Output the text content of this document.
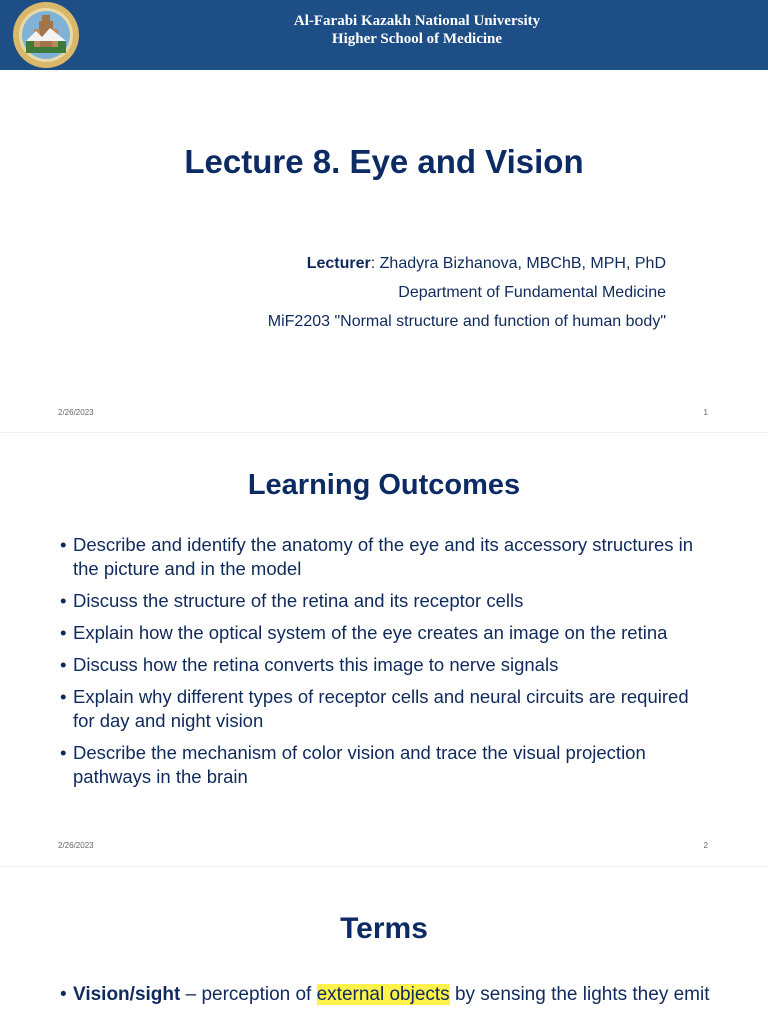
Al-Farabi Kazakh National University
Higher School of Medicine
Lecture 8. Eye and Vision
Lecturer: Zhadyra Bizhanova, MBChB, MPH, PhD
Department of Fundamental Medicine
MiF2203 "Normal structure and function of human body"
2/26/2023	1
Learning Outcomes
• Describe and identify the anatomy of the eye and its accessory structures in the picture and in the model
• Discuss the structure of the retina and its receptor cells
• Explain how the optical system of the eye creates an image on the retina
• Discuss how the retina converts this image to nerve signals
• Explain why different types of receptor cells and neural circuits are required for day and night vision
• Describe the mechanism of color vision and trace the visual projection pathways in the brain
2/26/2023	2
Terms
• Vision/sight – perception of external objects by sensing the lights they emit
